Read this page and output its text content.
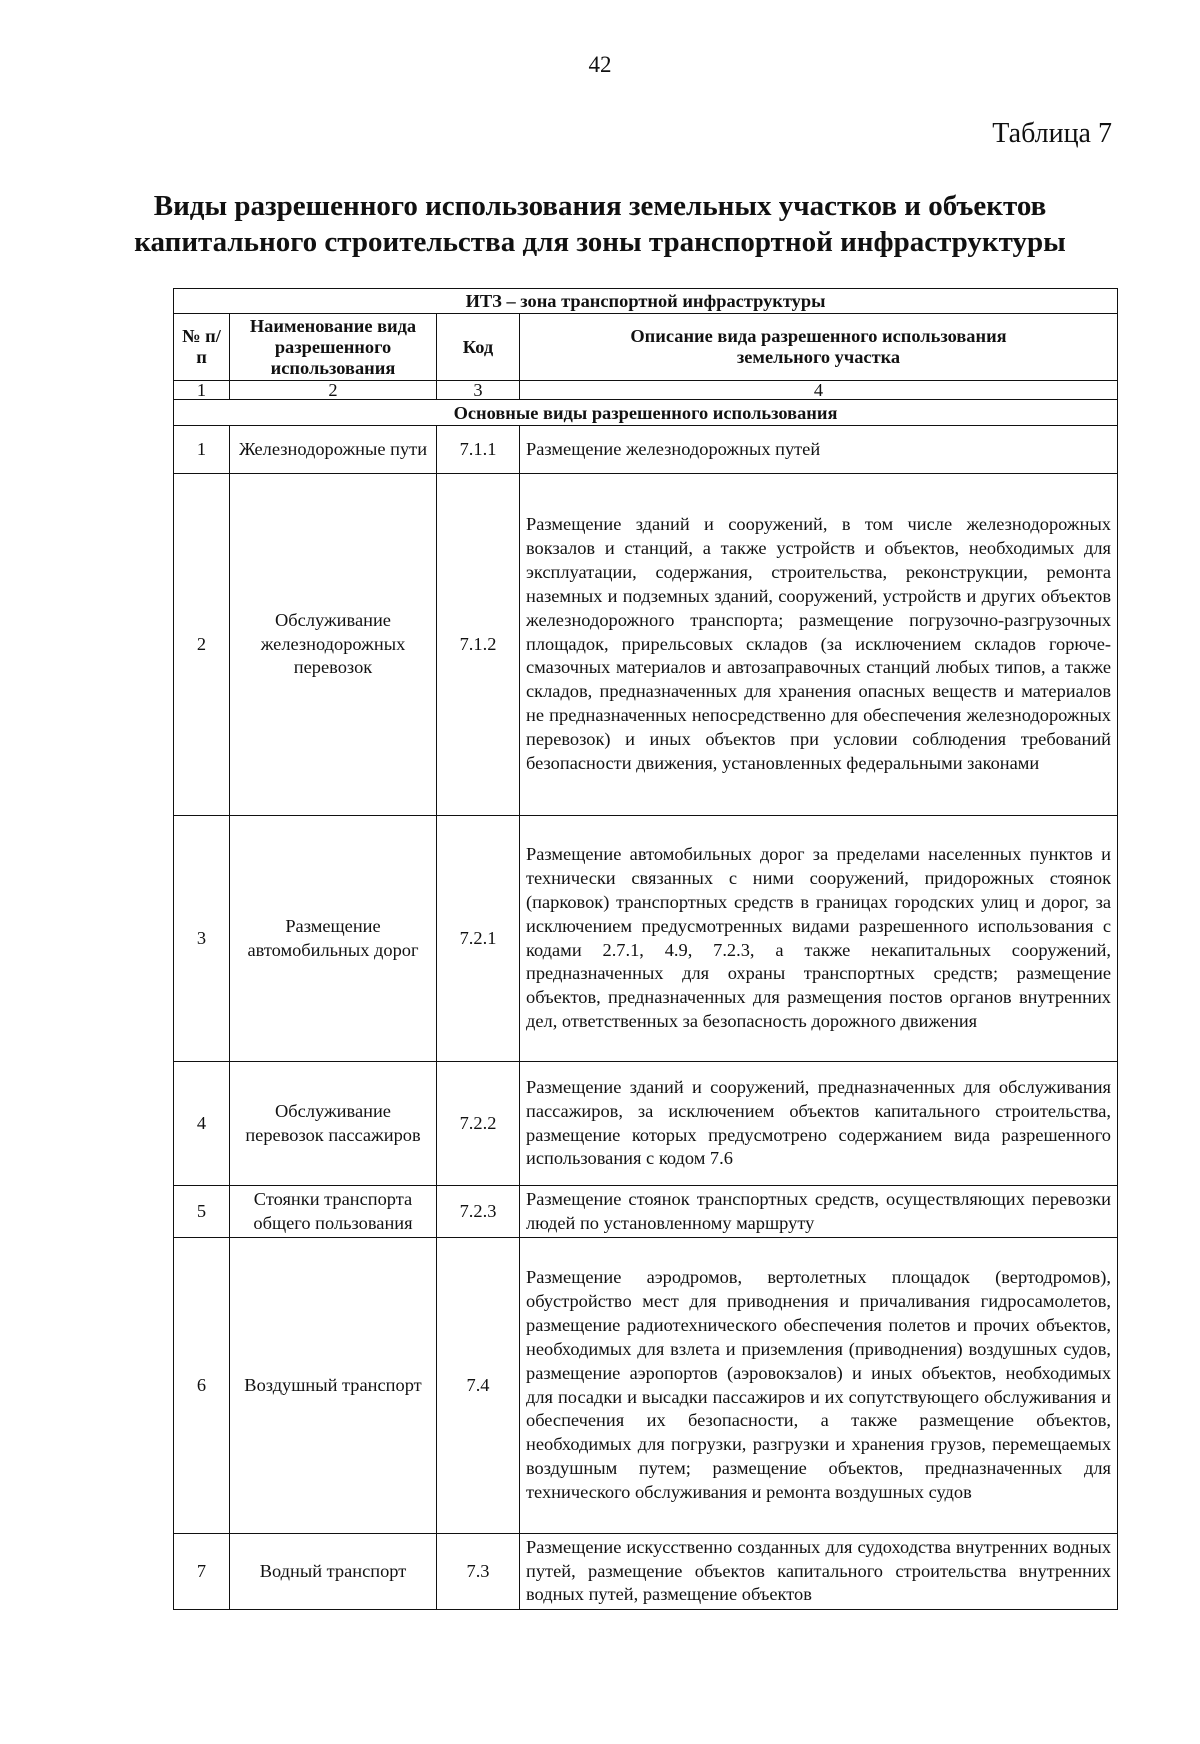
42
Таблица 7
Виды разрешенного использования земельных участков и объектов
капитального строительства для зоны транспортной инфраструктуры
ИТЗ – зона транспортной инфраструктуры			
№ п/п	Наименование вида разрешенного использования	Код	Описание вида разрешенного использования земельного участка
1	2	3	4
Основные виды разрешенного использования			
1	Железнодорожные пути	7.1.1	Размещение железнодорожных путей
2	Обслуживание железнодорожных перевозок	7.1.2	Размещение зданий и сооружений, в том числе железнодорожных вокзалов и станций, а также устройств и объектов, необходимых для эксплуатации, содержания, строительства, реконструкции, ремонта наземных и подземных зданий, сооружений, устройств и других объектов железнодорожного транспорта; размещение погрузочно-разгрузочных площадок, прирельсовых складов (за исключением складов горюче-смазочных материалов и автозаправочных станций любых типов, а также складов, предназначенных для хранения опасных веществ и материалов не предназначенных непосредственно для обеспечения железнодорожных перевозок) и иных объектов при условии соблюдения требований безопасности движения, установленных федеральными законами
3	Размещение автомобильных дорог	7.2.1	Размещение автомобильных дорог за пределами населенных пунктов и технически связанных с ними сооружений, придорожных стоянок (парковок) транспортных средств в границах городских улиц и дорог, за исключением предусмотренных видами разрешенного использования с кодами 2.7.1, 4.9, 7.2.3, а также некапитальных сооружений, предназначенных для охраны транспортных средств; размещение объектов, предназначенных для размещения постов органов внутренних дел, ответственных за безопасность дорожного движения
4	Обслуживание перевозок пассажиров	7.2.2	Размещение зданий и сооружений, предназначенных для обслуживания пассажиров, за исключением объектов капитального строительства, размещение которых предусмотрено содержанием вида разрешенного использования с кодом 7.6
5	Стоянки транспорта общего пользования	7.2.3	Размещение стоянок транспортных средств, осуществляющих перевозки людей по установленному маршруту
6	Воздушный транспорт	7.4	Размещение аэродромов, вертолетных площадок (вертодромов), обустройство мест для приводнения и причаливания гидросамолетов, размещение радиотехнического обеспечения полетов и прочих объектов, необходимых для взлета и приземления (приводнения) воздушных судов, размещение аэропортов (аэровокзалов) и иных объектов, необходимых для посадки и высадки пассажиров и их сопутствующего обслуживания и обеспечения их безопасности, а также размещение объектов, необходимых для погрузки, разгрузки и хранения грузов, перемещаемых воздушным путем; размещение объектов, предназначенных для технического обслуживания и ремонта воздушных судов
7	Водный транспорт	7.3	Размещение искусственно созданных для судоходства внутренних водных путей, размещение объектов капитального строительства внутренних водных путей, размещение объектов
